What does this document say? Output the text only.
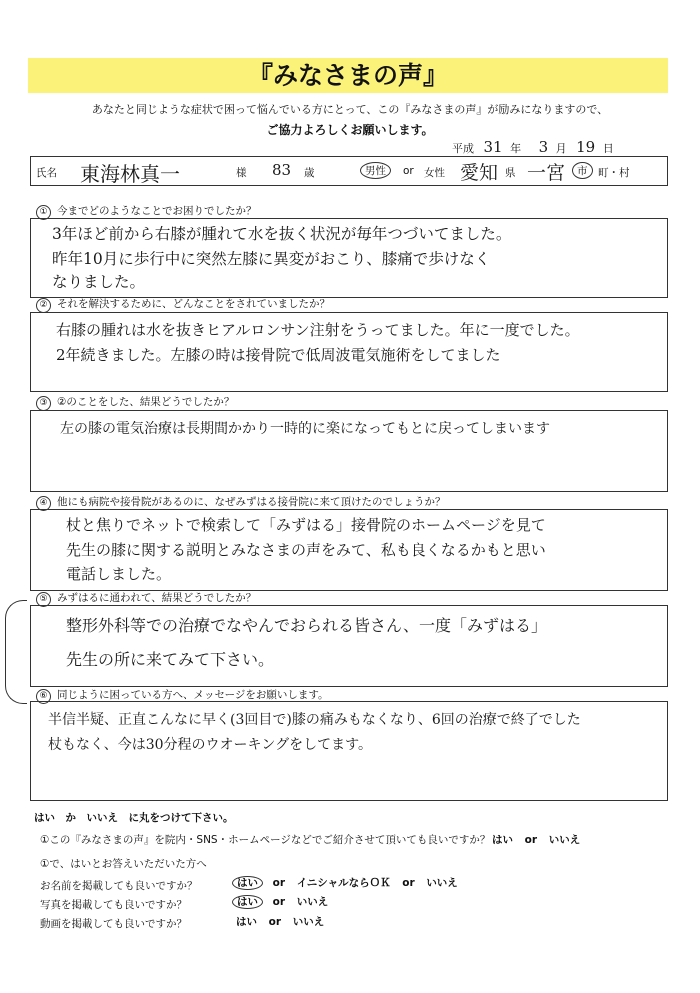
『みなさまの声』
あなたと同じような症状で困って悩んでいる方にとって、この『みなさまの声』が励みになりますので、
ご協力よろしくお願いします。
平成 31 年 3 月 19 日
氏名 東海林真一	様 83 歳	男性	or 女性 愛知 県 一宮	市	町・村
① 今までどのようなことでお困りでしたか？
3年ほど前から右膝が腫れて水を抜く状況が毎年つづいてました。
昨年10月に歩行中に突然左膝に異変がおこり、膝痛で歩けなく
なりました。
② それを解決するために、どんなことをされていましたか？
右膝の腫れは水を抜きヒアルロンサン注射をうってました。年に一度でした。
2年続きました。左膝の時は接骨院で低周波電気施術をしてました
③ ②のことをした、結果どうでしたか？
左の膝の電気治療は長期間かかり一時的に楽になってもとに戻ってしまいます
④ 他にも病院や接骨院があるのに、なぜみずはる接骨院に来て頂けたのでしょうか？
杖と焦りでネットで検索して「みずはる」接骨院のホームページを見て
先生の膝に関する説明とみなさまの声をみて、私も良くなるかもと思い
電話しました。
⑤ みずはるに通われて、結果どうでしたか？
整形外科等での治療でなやんでおられる皆さん、一度「みずはる」
先生の所に来てみて下さい。
⑥ 同じように困っている方へ、メッセージをお願いします。
半信半疑、正直こんなに早く(3回目で)膝の痛みもなくなり、6回の治療で終了でした
杖もなく、今は30分程のウオーキングをしてます。
はい　か　いいえ　に丸をつけて下さい。
①この『みなさまの声』を院内・SNS・ホームページなどでご紹介させて頂いても良いですか？ はい or いいえ
①で、はいとお答えいただいた方へ
お名前を掲載しても良いですか？	はい or イニシャルならＯＫ or いいえ
写真を掲載しても良いですか？	はい or いいえ
動画を掲載しても良いですか？	はい or いいえ
